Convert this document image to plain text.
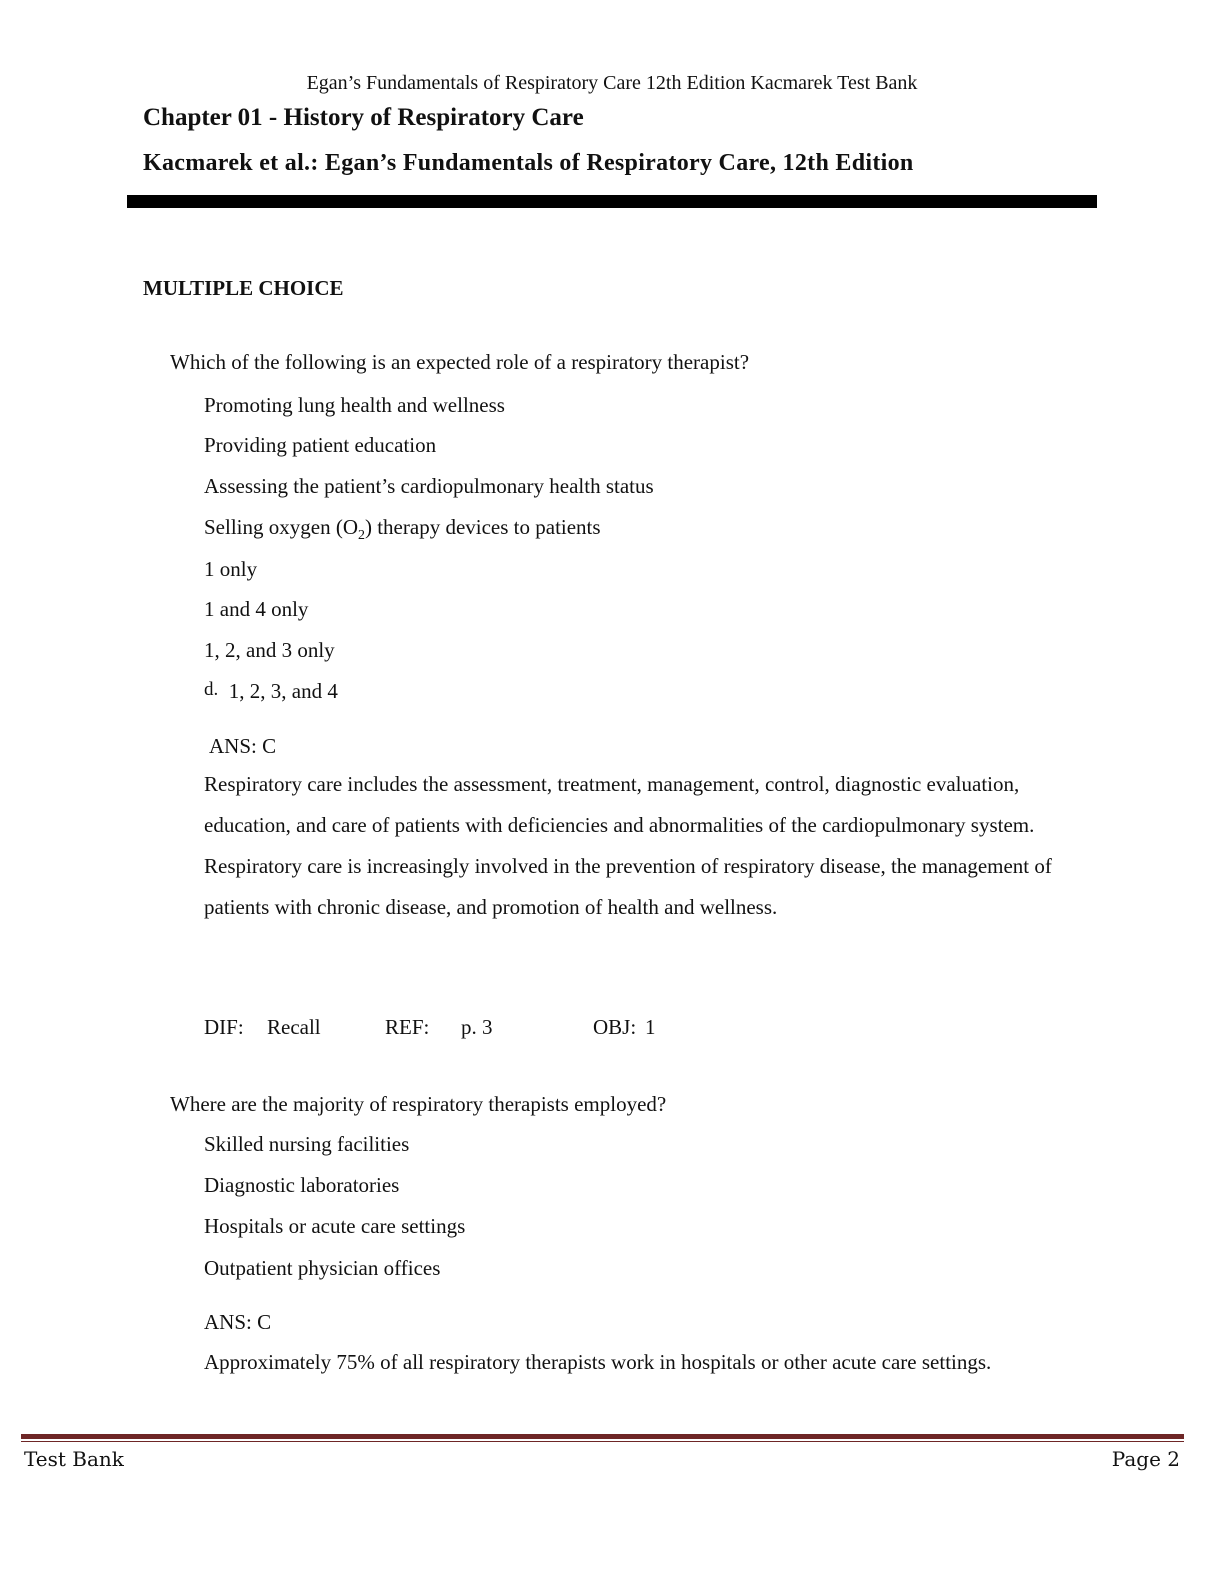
Egan’s Fundamentals of Respiratory Care 12th Edition Kacmarek Test Bank
Chapter 01 - History of Respiratory Care
Kacmarek et al.: Egan’s Fundamentals of Respiratory Care, 12th Edition
MULTIPLE CHOICE
Which of the following is an expected role of a respiratory therapist?
Promoting lung health and wellness
Providing patient education
Assessing the patient’s cardiopulmonary health status
Selling oxygen $(O_2)$ therapy devices to patients
1 only
1 and 4 only
1, 2, and 3 only
d. 1, 2, 3, and 4
ANS: C
Respiratory care includes the assessment, treatment, management, control, diagnostic evaluation, education, and care of patients with deficiencies and abnormalities of the cardiopulmonary system. Respiratory care is increasingly involved in the prevention of respiratory disease, the management of patients with chronic disease, and promotion of health and wellness.
DIF: Recall	REF: p. 3	OBJ: 1
Where are the majority of respiratory therapists employed?
Skilled nursing facilities
Diagnostic laboratories
Hospitals or acute care settings
Outpatient physician offices
ANS: C
Approximately 75% of all respiratory therapists work in hospitals or other acute care settings.
Test Bank	Page 2
